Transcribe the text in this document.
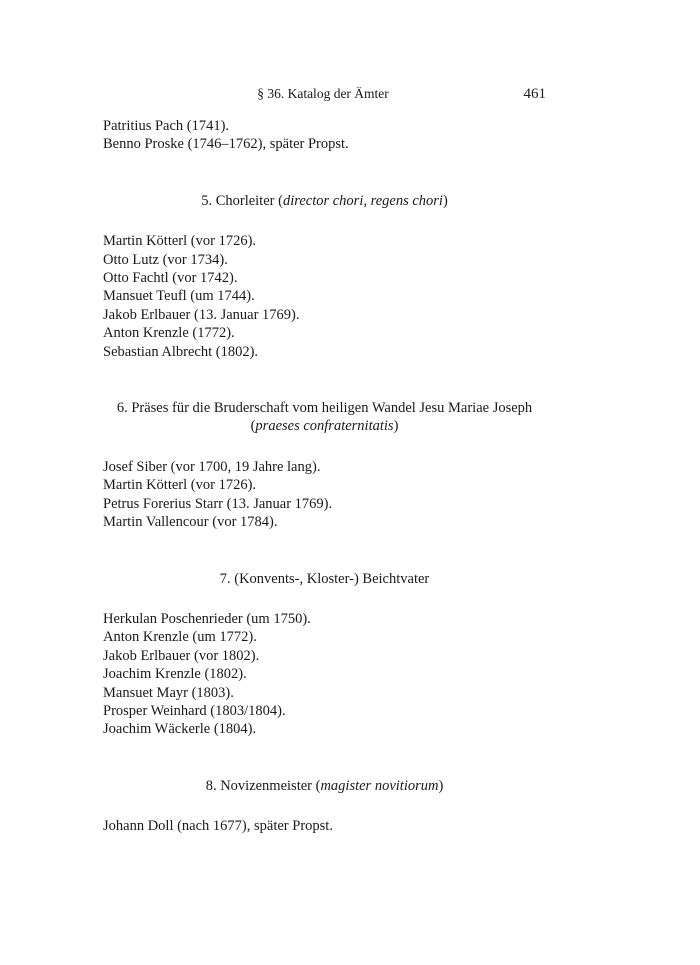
§ 36. Katalog der Ämter	461
Patritius Pach (1741).
Benno Proske (1746–1762), später Propst.
5. Chorleiter (director chori, regens chori)
Martin Kötterl (vor 1726).
Otto Lutz (vor 1734).
Otto Fachtl (vor 1742).
Mansuet Teufl (um 1744).
Jakob Erlbauer (13. Januar 1769).
Anton Krenzle (1772).
Sebastian Albrecht (1802).
6. Präses für die Bruderschaft vom heiligen Wandel Jesu Mariae Joseph
(praeses confraternitatis)
Josef Siber (vor 1700, 19 Jahre lang).
Martin Kötterl (vor 1726).
Petrus Forerius Starr (13. Januar 1769).
Martin Vallencour (vor 1784).
7. (Konvents-, Kloster-) Beichtvater
Herkulan Poschenrieder (um 1750).
Anton Krenzle (um 1772).
Jakob Erlbauer (vor 1802).
Joachim Krenzle (1802).
Mansuet Mayr (1803).
Prosper Weinhard (1803/1804).
Joachim Wäckerle (1804).
8. Novizenmeister (magister novitiorum)
Johann Doll (nach 1677), später Propst.
